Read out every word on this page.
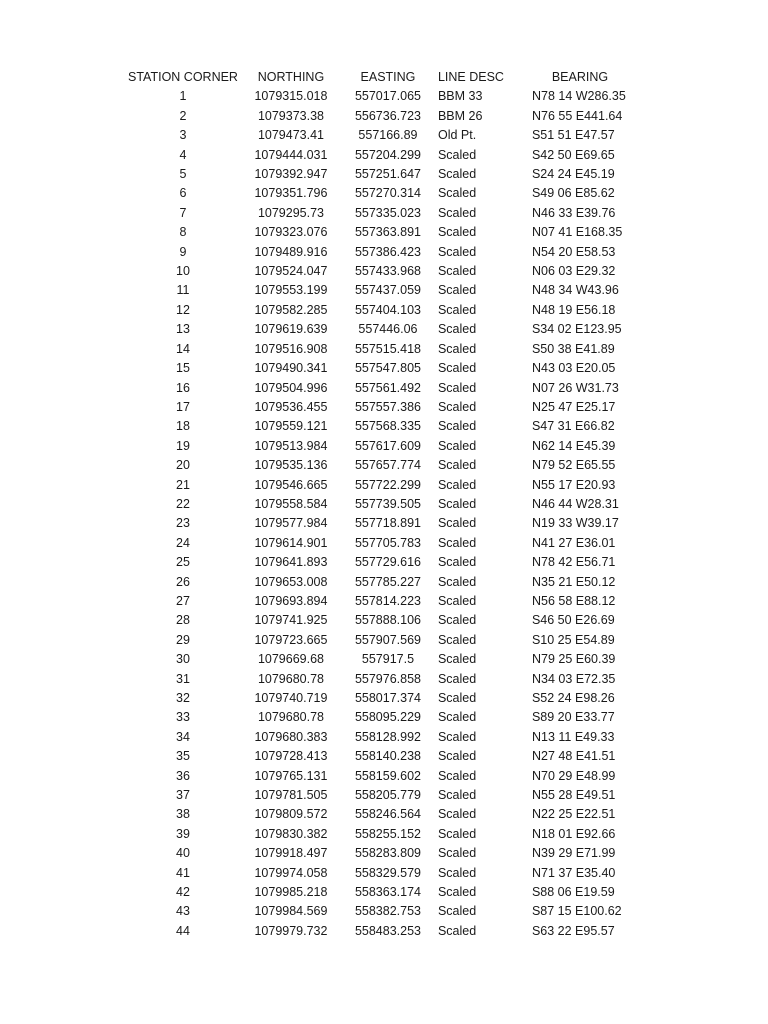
STATION CORNER	NORTHING	EASTING	LINE DESC	BEARING
1	1079315.018	557017.065	BBM 33	N78 14 W286.35
2	1079373.38	556736.723	BBM 26	N76 55 E441.64
3	1079473.41	557166.89	Old Pt.	S51 51 E47.57
4	1079444.031	557204.299	Scaled	S42 50 E69.65
5	1079392.947	557251.647	Scaled	S24 24 E45.19
6	1079351.796	557270.314	Scaled	S49 06 E85.62
7	1079295.73	557335.023	Scaled	N46 33 E39.76
8	1079323.076	557363.891	Scaled	N07 41 E168.35
9	1079489.916	557386.423	Scaled	N54 20 E58.53
10	1079524.047	557433.968	Scaled	N06 03 E29.32
11	1079553.199	557437.059	Scaled	N48 34 W43.96
12	1079582.285	557404.103	Scaled	N48 19 E56.18
13	1079619.639	557446.06	Scaled	S34 02 E123.95
14	1079516.908	557515.418	Scaled	S50 38 E41.89
15	1079490.341	557547.805	Scaled	N43 03 E20.05
16	1079504.996	557561.492	Scaled	N07 26 W31.73
17	1079536.455	557557.386	Scaled	N25 47 E25.17
18	1079559.121	557568.335	Scaled	S47 31 E66.82
19	1079513.984	557617.609	Scaled	N62 14 E45.39
20	1079535.136	557657.774	Scaled	N79 52 E65.55
21	1079546.665	557722.299	Scaled	N55 17 E20.93
22	1079558.584	557739.505	Scaled	N46 44 W28.31
23	1079577.984	557718.891	Scaled	N19 33 W39.17
24	1079614.901	557705.783	Scaled	N41 27 E36.01
25	1079641.893	557729.616	Scaled	N78 42 E56.71
26	1079653.008	557785.227	Scaled	N35 21 E50.12
27	1079693.894	557814.223	Scaled	N56 58 E88.12
28	1079741.925	557888.106	Scaled	S46 50 E26.69
29	1079723.665	557907.569	Scaled	S10 25 E54.89
30	1079669.68	557917.5	Scaled	N79 25 E60.39
31	1079680.78	557976.858	Scaled	N34 03 E72.35
32	1079740.719	558017.374	Scaled	S52 24 E98.26
33	1079680.78	558095.229	Scaled	S89 20 E33.77
34	1079680.383	558128.992	Scaled	N13 11 E49.33
35	1079728.413	558140.238	Scaled	N27 48 E41.51
36	1079765.131	558159.602	Scaled	N70 29 E48.99
37	1079781.505	558205.779	Scaled	N55 28 E49.51
38	1079809.572	558246.564	Scaled	N22 25 E22.51
39	1079830.382	558255.152	Scaled	N18 01 E92.66
40	1079918.497	558283.809	Scaled	N39 29 E71.99
41	1079974.058	558329.579	Scaled	N71 37 E35.40
42	1079985.218	558363.174	Scaled	S88 06 E19.59
43	1079984.569	558382.753	Scaled	S87 15 E100.62
44	1079979.732	558483.253	Scaled	S63 22 E95.57
